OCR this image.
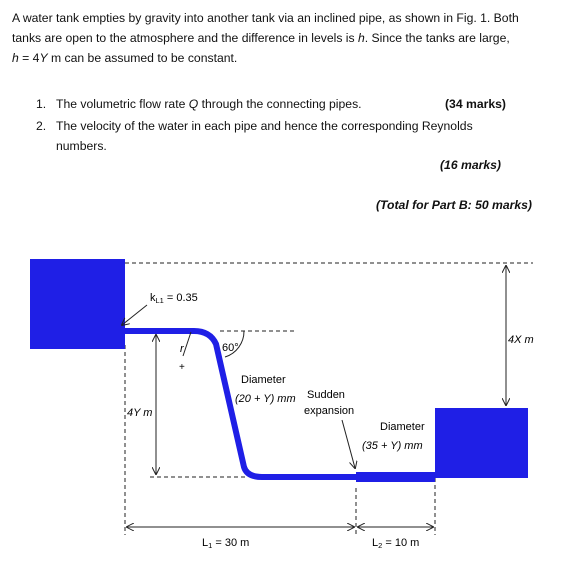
A water tank empties by gravity into another tank via an inclined pipe, as shown in Fig. 1. Both
tanks are open to the atmosphere and the difference in levels is h. Since the tanks are large,
h = 4Y m can be assumed to be constant.
1. The volumetric flow rate Q through the connecting pipes.	(34 marks)
2. The velocity of the water in each pipe and hence the corresponding Reynolds
numbers.
(16 marks)
(Total for Part B: 50 marks)
kL1 = 0.35
r
+
60°
4Y m
4X m
Diameter
(20 + Y) mm Sudden
expansion
Diameter
(35 + Y) mm
L1 = 30 m	L2 = 10 m
